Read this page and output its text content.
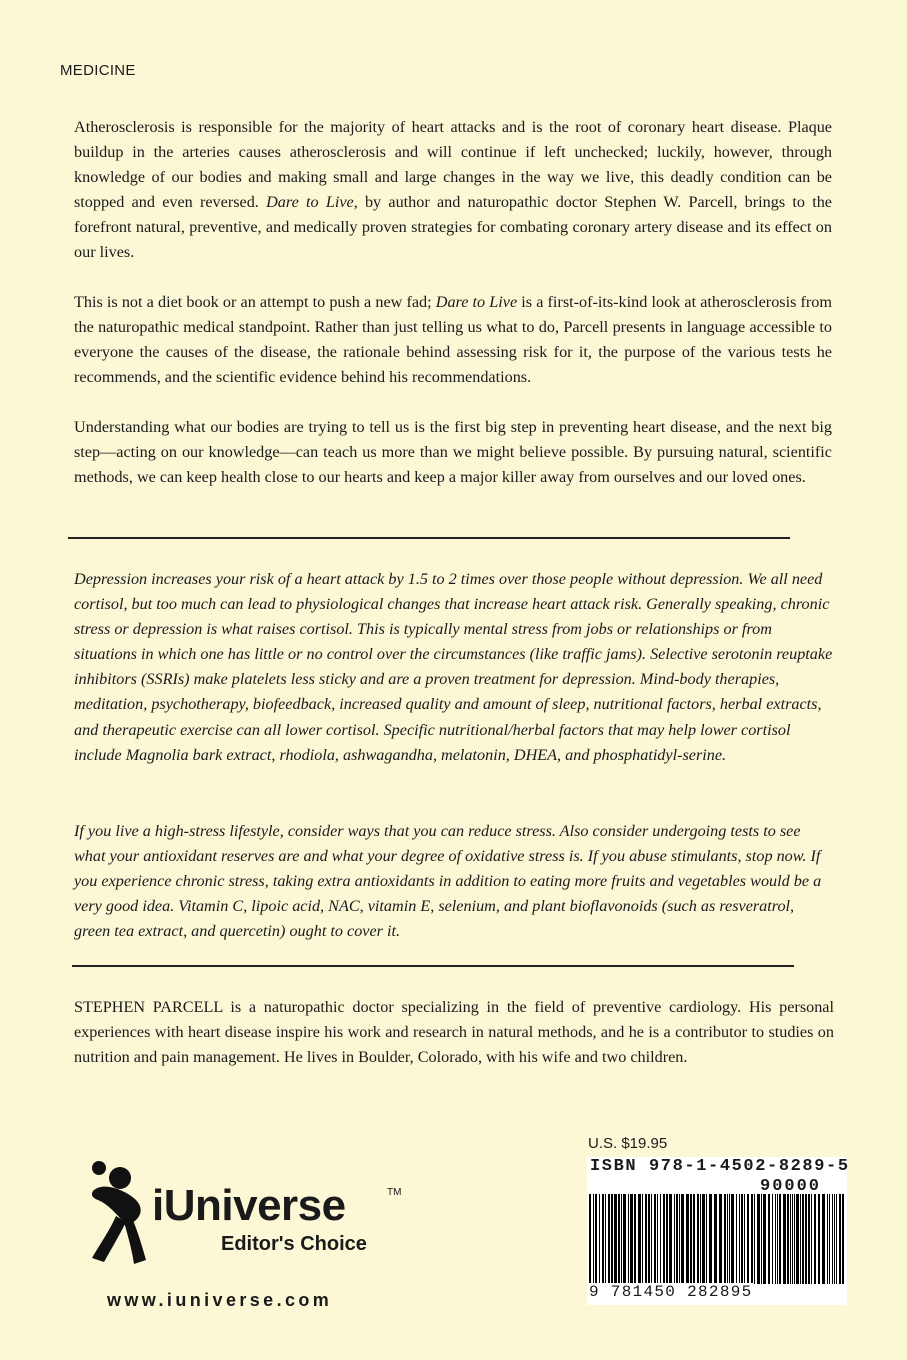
MEDICINE

Atherosclerosis is responsible for the majority of heart attacks and is the root of coronary heart disease. Plaque buildup in the arteries causes atherosclerosis and will continue if left unchecked; luckily, however, through knowledge of our bodies and making small and large changes in the way we live, this deadly condition can be stopped and even reversed. Dare to Live, by author and naturopathic doctor Stephen W. Parcell, brings to the forefront natural, preventive, and medically proven strategies for combating coronary artery disease and its effect on our lives.

This is not a diet book or an attempt to push a new fad; Dare to Live is a first-of-its-kind look at atherosclerosis from the naturopathic medical standpoint. Rather than just telling us what to do, Parcell presents in language accessible to everyone the causes of the disease, the rationale behind assessing risk for it, the purpose of the various tests he recommends, and the scientific evidence behind his recommendations.

Understanding what our bodies are trying to tell us is the first big step in preventing heart disease, and the next big step—acting on our knowledge—can teach us more than we might believe possible. By pursuing natural, scientific methods, we can keep health close to our hearts and keep a major killer away from ourselves and our loved ones.

Depression increases your risk of a heart attack by 1.5 to 2 times over those people without depression. We all need cortisol, but too much can lead to physiological changes that increase heart attack risk. Generally speaking, chronic stress or depression is what raises cortisol. This is typically mental stress from jobs or relationships or from situations in which one has little or no control over the circumstances (like traffic jams). Selective serotonin reuptake inhibitors (SSRIs) make platelets less sticky and are a proven treatment for depression. Mind-body therapies, meditation, psychotherapy, biofeedback, increased quality and amount of sleep, nutritional factors, herbal extracts, and therapeutic exercise can all lower cortisol. Specific nutritional/herbal factors that may help lower cortisol include Magnolia bark extract, rhodiola, ashwagandha, melatonin, DHEA, and phosphatidyl-serine.

If you live a high-stress lifestyle, consider ways that you can reduce stress. Also consider undergoing tests to see what your antioxidant reserves are and what your degree of oxidative stress is. If you abuse stimulants, stop now. If you experience chronic stress, taking extra antioxidants in addition to eating more fruits and vegetables would be a very good idea. Vitamin C, lipoic acid, NAC, vitamin E, selenium, and plant bioflavonoids (such as resveratrol, green tea extract, and quercetin) ought to cover it.

STEPHEN PARCELL is a naturopathic doctor specializing in the field of preventive cardiology. His personal experiences with heart disease inspire his work and research in natural methods, and he is a contributor to studies on nutrition and pain management. He lives in Boulder, Colorado, with his wife and two children.

iUniverse	TM
Editor's Choice
www.iuniverse.com
U.S. $19.95
ISBN 978-1-4502-8289-5
90000
9 781450 282895
